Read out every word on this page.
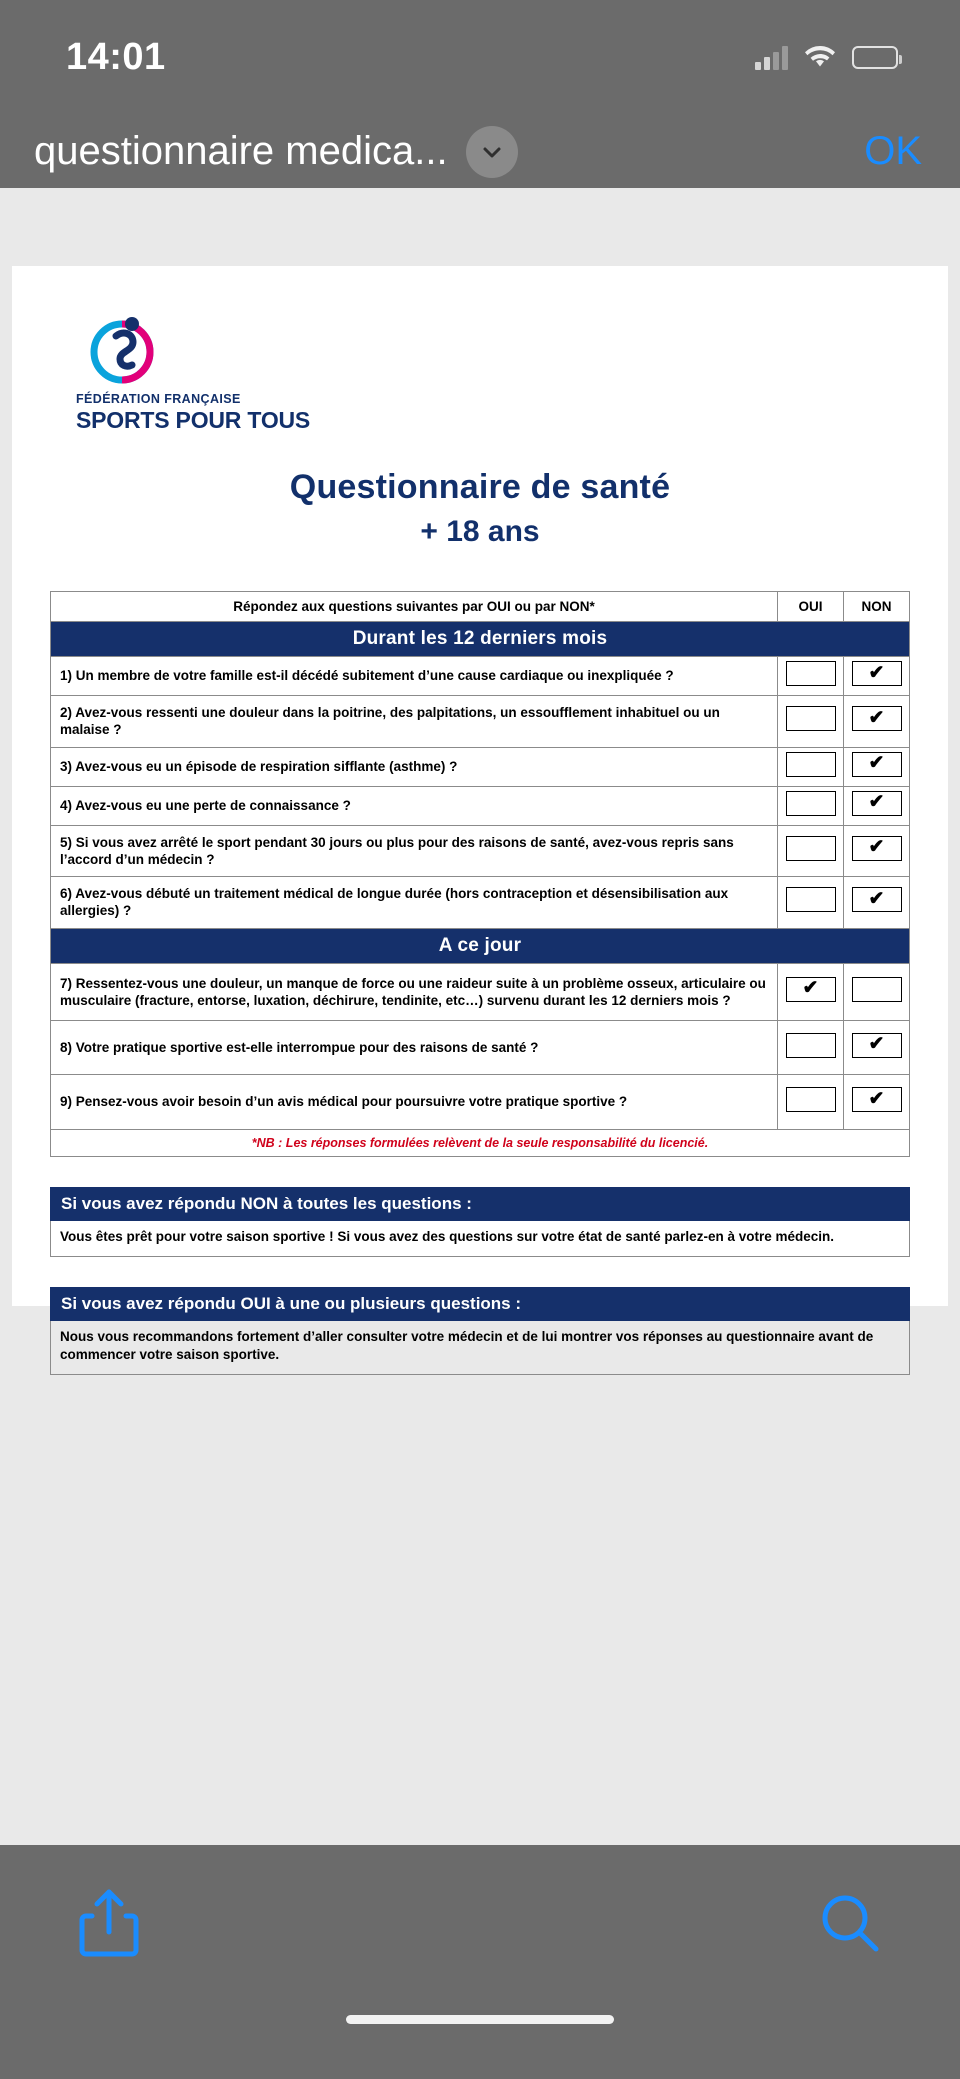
14:01
questionnaire medica...	OK
FÉDÉRATION FRANÇAISE
SPORTS POUR TOUS
Questionnaire de santé
+ 18 ans
Répondez aux questions suivantes par OUI ou par NON*	OUI	NON
Durant les 12 derniers mois		
1) Un membre de votre famille est-il décédé subitement d’une cause cardiaque ou inexpliquée ?		✔

2) Avez-vous ressenti une douleur dans la poitrine, des palpitations, un essoufflement inhabituel ou un malaise ?		✔

3) Avez-vous eu un épisode de respiration sifflante (asthme) ?		✔

4) Avez-vous eu une perte de connaissance ?		✔

5) Si vous avez arrêté le sport pendant 30 jours ou plus pour des raisons de santé, avez-vous repris sans l’accord d’un médecin ?		✔

6) Avez-vous débuté un traitement médical de longue durée (hors contraception et désensibilisation aux allergies) ?		✔

A ce jour		
7) Ressentez-vous une douleur, un manque de force ou une raideur suite à un problème osseux, articulaire ou musculaire (fracture, entorse, luxation, déchirure, tendinite, etc…) survenu durant les 12 derniers mois ?	✔	

8) Votre pratique sportive est-elle interrompue pour des raisons de santé ?		✔

9) Pensez-vous avoir besoin d’un avis médical pour poursuivre votre pratique sportive ?		✔

*NB : Les réponses formulées relèvent de la seule responsabilité du licencié.		
Si vous avez répondu NON à toutes les questions :
Vous êtes prêt pour votre saison sportive ! Si vous avez des questions sur votre état de santé parlez-en à votre médecin.
Si vous avez répondu OUI à une ou plusieurs questions :
Nous vous recommandons fortement d’aller consulter votre médecin et de lui montrer vos réponses au questionnaire avant de commencer votre saison sportive.
